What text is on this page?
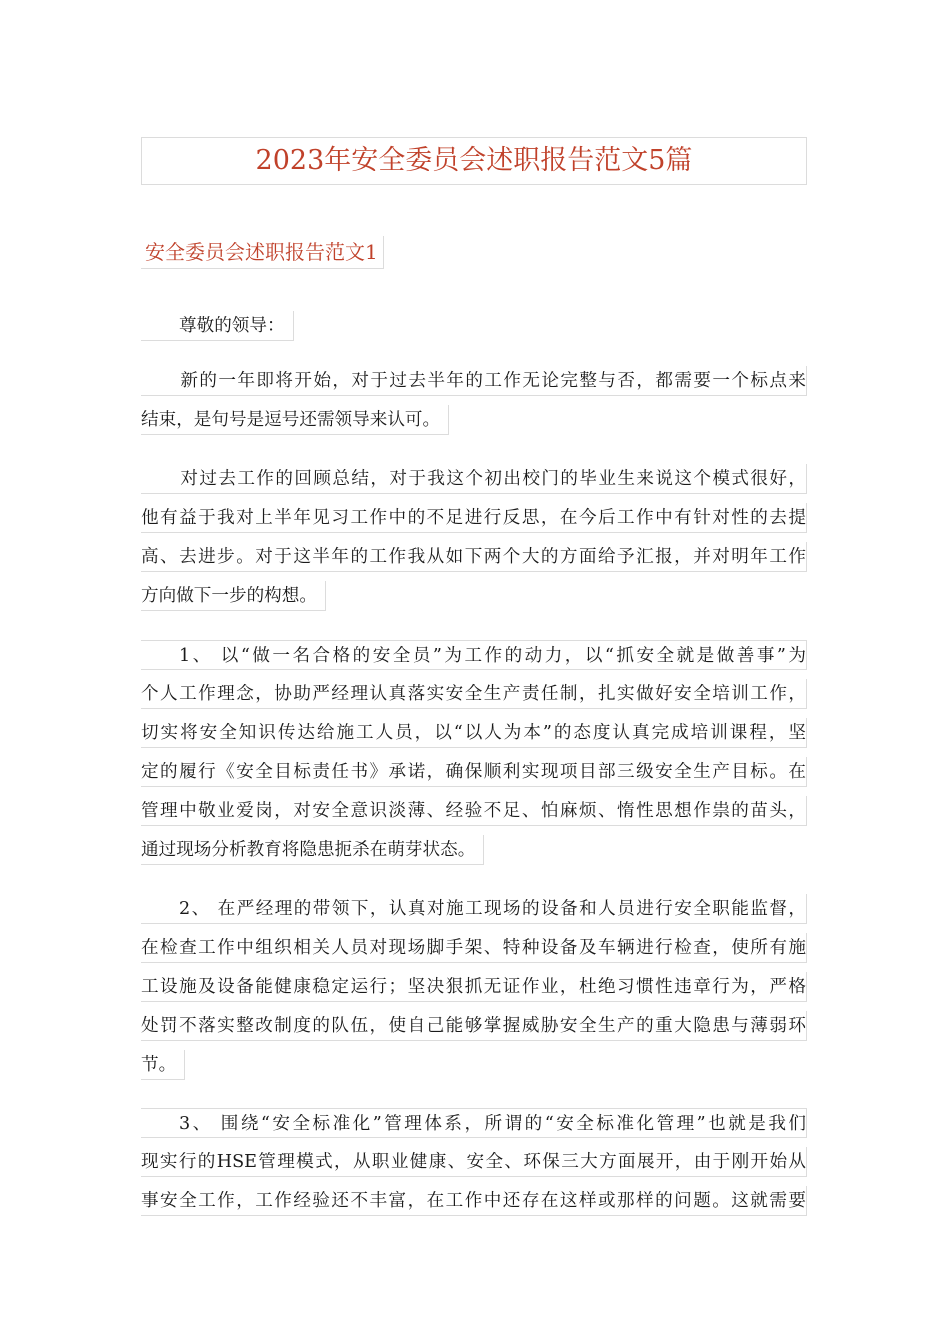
2023年安全委员会述职报告范文5篇
安全委员会述职报告范文1
尊敬的领导：
新的一年即将开始，对于过去半年的工作无论完整与否，都需要一个标点来
结束，是句号是逗号还需领导来认可。
对过去工作的回顾总结，对于我这个初出校门的毕业生来说这个模式很好，
他有益于我对上半年见习工作中的不足进行反思，在今后工作中有针对性的去提
高、去进步。对于这半年的工作我从如下两个大的方面给予汇报，并对明年工作
方向做下一步的构想。
1、 以“做一名合格的安全员”为工作的动力，以“抓安全就是做善事”为
个人工作理念，协助严经理认真落实安全生产责任制，扎实做好安全培训工作，
切实将安全知识传达给施工人员，以“以人为本”的态度认真完成培训课程，坚
定的履行《安全目标责任书》承诺，确保顺利实现项目部三级安全生产目标。在
管理中敬业爱岗，对安全意识淡薄、经验不足、怕麻烦、惰性思想作祟的苗头，
通过现场分析教育将隐患扼杀在萌芽状态。
2、 在严经理的带领下，认真对施工现场的设备和人员进行安全职能监督，
在检查工作中组织相关人员对现场脚手架、特种设备及车辆进行检查，使所有施
工设施及设备能健康稳定运行；坚决狠抓无证作业，杜绝习惯性违章行为，严格
处罚不落实整改制度的队伍，使自己能够掌握威胁安全生产的重大隐患与薄弱环
节。
3、 围绕“安全标准化”管理体系，所谓的“安全标准化管理”也就是我们
现实行的HSE管理模式，从职业健康、安全、环保三大方面展开，由于刚开始从
事安全工作，工作经验还不丰富，在工作中还存在这样或那样的问题。这就需要
